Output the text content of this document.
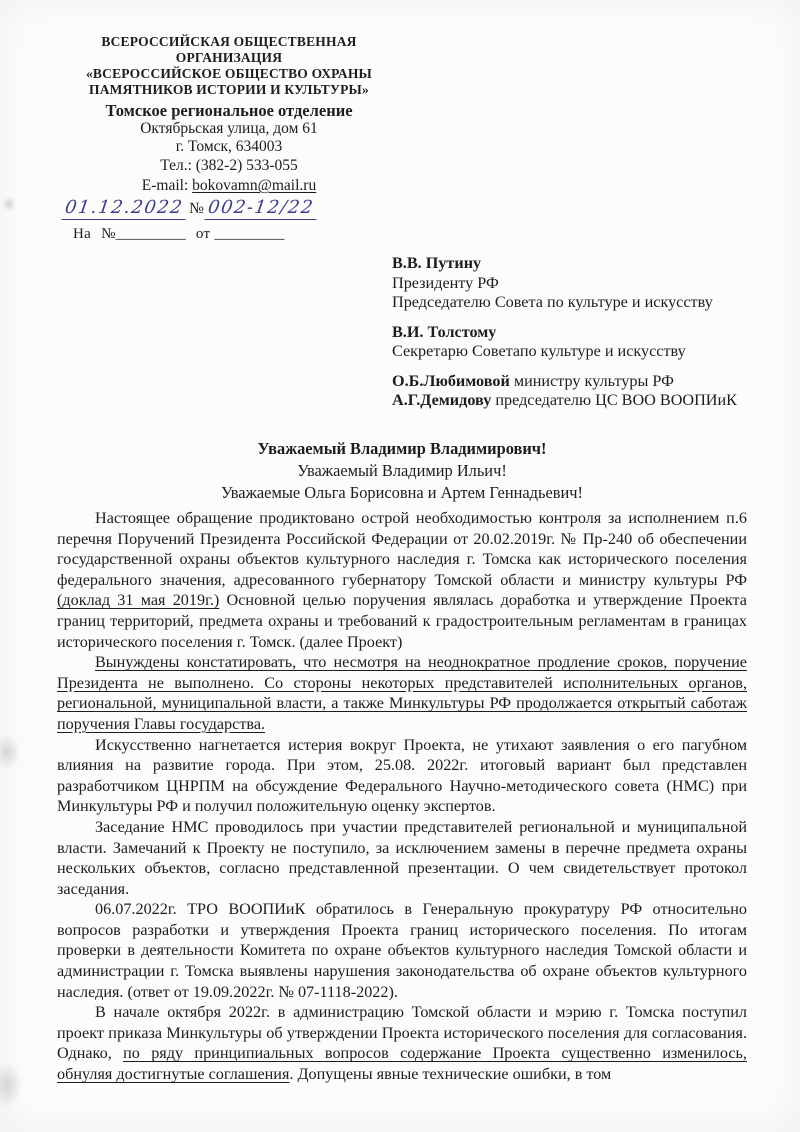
ВСЕРОССИЙСКАЯ ОБЩЕСТВЕННАЯ
ОРГАНИЗАЦИЯ
«ВСЕРОССИЙСКОЕ ОБЩЕСТВО ОХРАНЫ
ПАМЯТНИКОВ ИСТОРИИ И КУЛЬТУРЫ»
Томское региональное отделение
Октябрьская улица, дом 61
г. Томск, 634003
Тел.: (382-2) 533-055
E-mail: bokovamn@mail.ru
01.12.2022 № 002-12/22
На №_________ от _________
В.В. Путину
Президенту РФ
Председателю Совета по культуре и искусству
В.И. Толстому
Секретарю Советапо культуре и искусству
О.Б.Любимовой министру культуры РФ
А.Г.Демидову председателю ЦС ВОО ВООПИиК
Уважаемый Владимир Владимирович!
Уважаемый Владимир Ильич!
Уважаемые Ольга Борисовна и Артем Геннадьевич!

Настоящее обращение продиктовано острой необходимостью контроля за исполнением п.6 перечня Поручений Президента Российской Федерации от 20.02.2019г. № Пр-240 об обеспечении государственной охраны объектов культурного наследия г. Томска как исторического поселения федерального значения, адресованного губернатору Томской области и министру культуры РФ (доклад 31 мая 2019г.) Основной целью поручения являлась доработка и утверждение Проекта границ территорий, предмета охраны и требований к градостроительным регламентам в границах исторического поселения г. Томск. (далее Проект)

Вынуждены констатировать, что несмотря на неоднократное продление сроков, поручение Президента не выполнено. Со стороны некоторых представителей исполнительных органов, региональной, муниципальной власти, а также Минкультуры РФ продолжается открытый саботаж поручения Главы государства.

Искусственно нагнетается истерия вокруг Проекта, не утихают заявления о его пагубном влияния на развитие города. При этом, 25.08. 2022г. итоговый вариант был представлен разработчиком ЦНРПМ на обсуждение Федерального Научно-методического совета (НМС) при Минкультуры РФ и получил положительную оценку экспертов.

Заседание НМС проводилось при участии представителей региональной и муниципальной власти. Замечаний к Проекту не поступило, за исключением замены в перечне предмета охраны нескольких объектов, согласно представленной презентации. О чем свидетельствует протокол заседания.

06.07.2022г. ТРО ВООПИиК обратилось в Генеральную прокуратуру РФ относительно вопросов разработки и утверждения Проекта границ исторического поселения. По итогам проверки в деятельности Комитета по охране объектов культурного наследия Томской области и администрации г. Томска выявлены нарушения законодательства об охране объектов культурного наследия. (ответ от 19.09.2022г. № 07-1118-2022).

В начале октября 2022г. в администрацию Томской области и мэрию г. Томска поступил проект приказа Минкультуры об утверждении Проекта исторического поселения для согласования. Однако, по ряду принципиальных вопросов содержание Проекта существенно изменилось, обнуляя достигнутые соглашения. Допущены явные технические ошибки, в том
